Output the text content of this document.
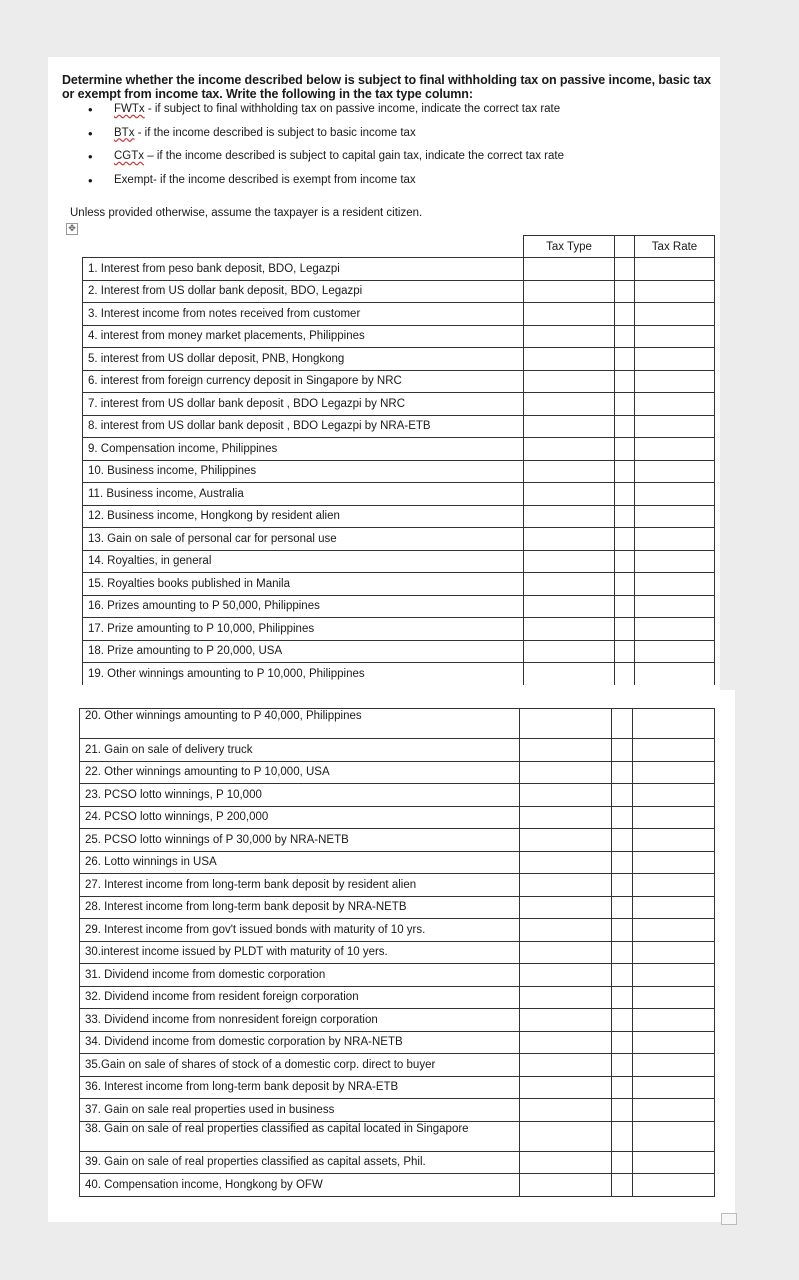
Determine whether the income described below is subject to final withholding tax on passive income, basic tax or exempt from income tax. Write the following in the tax type column:
• FWTx - if subject to final withholding tax on passive income, indicate the correct tax rate
• BTx - if the income described is subject to basic income tax
• CGTx – if the income described is subject to capital gain tax, indicate the correct tax rate
• Exempt- if the income described is exempt from income tax
Unless provided otherwise, assume the taxpayer is a resident citizen.
✥
	Tax Type		Tax Rate
1. Interest from peso bank deposit, BDO, Legazpi			
2. Interest from US dollar bank deposit, BDO, Legazpi			
3. Interest income from notes received from customer			
4. interest from money market placements, Philippines			
5. interest from US dollar deposit, PNB, Hongkong			
6. interest from foreign currency deposit in Singapore by NRC			
7. interest from US dollar bank deposit , BDO Legazpi by NRC			
8. interest from US dollar bank deposit , BDO Legazpi by NRA-ETB			
9. Compensation income, Philippines			
10. Business income, Philippines			
11. Business income, Australia			
12. Business income, Hongkong by resident alien			
13. Gain on sale of personal car for personal use			
14. Royalties, in general			
15. Royalties books published in Manila			
16. Prizes amounting to P 50,000, Philippines			
17. Prize amounting to P 10,000, Philippines			
18. Prize amounting to P 20,000, USA			
19. Other winnings amounting to P 10,000, Philippines			
20. Other winnings amounting to P 40,000, Philippines			
21. Gain on sale of delivery truck			
22. Other winnings amounting to P 10,000, USA			
23. PCSO lotto winnings, P 10,000			
24. PCSO lotto winnings, P 200,000			
25. PCSO lotto winnings of P 30,000 by NRA-NETB			
26. Lotto winnings in USA			
27. Interest income from long-term bank deposit by resident alien			
28. Interest income from long-term bank deposit by NRA-NETB			
29. Interest income from gov't issued bonds with maturity of 10 yrs.			
30.interest income issued by PLDT with maturity of 10 yers.			
31. Dividend income from domestic corporation			
32. Dividend income from resident foreign corporation			
33. Dividend income from nonresident foreign corporation			
34. Dividend income from domestic corporation by NRA-NETB			
35.Gain on sale of shares of stock of a domestic corp. direct to buyer			
36. Interest income from long-term bank deposit by NRA-ETB			
37. Gain on sale real properties used in business			
38. Gain on sale of real properties classified as capital located in Singapore			
39. Gain on sale of real properties classified as capital assets, Phil.			
40. Compensation income, Hongkong by OFW			
